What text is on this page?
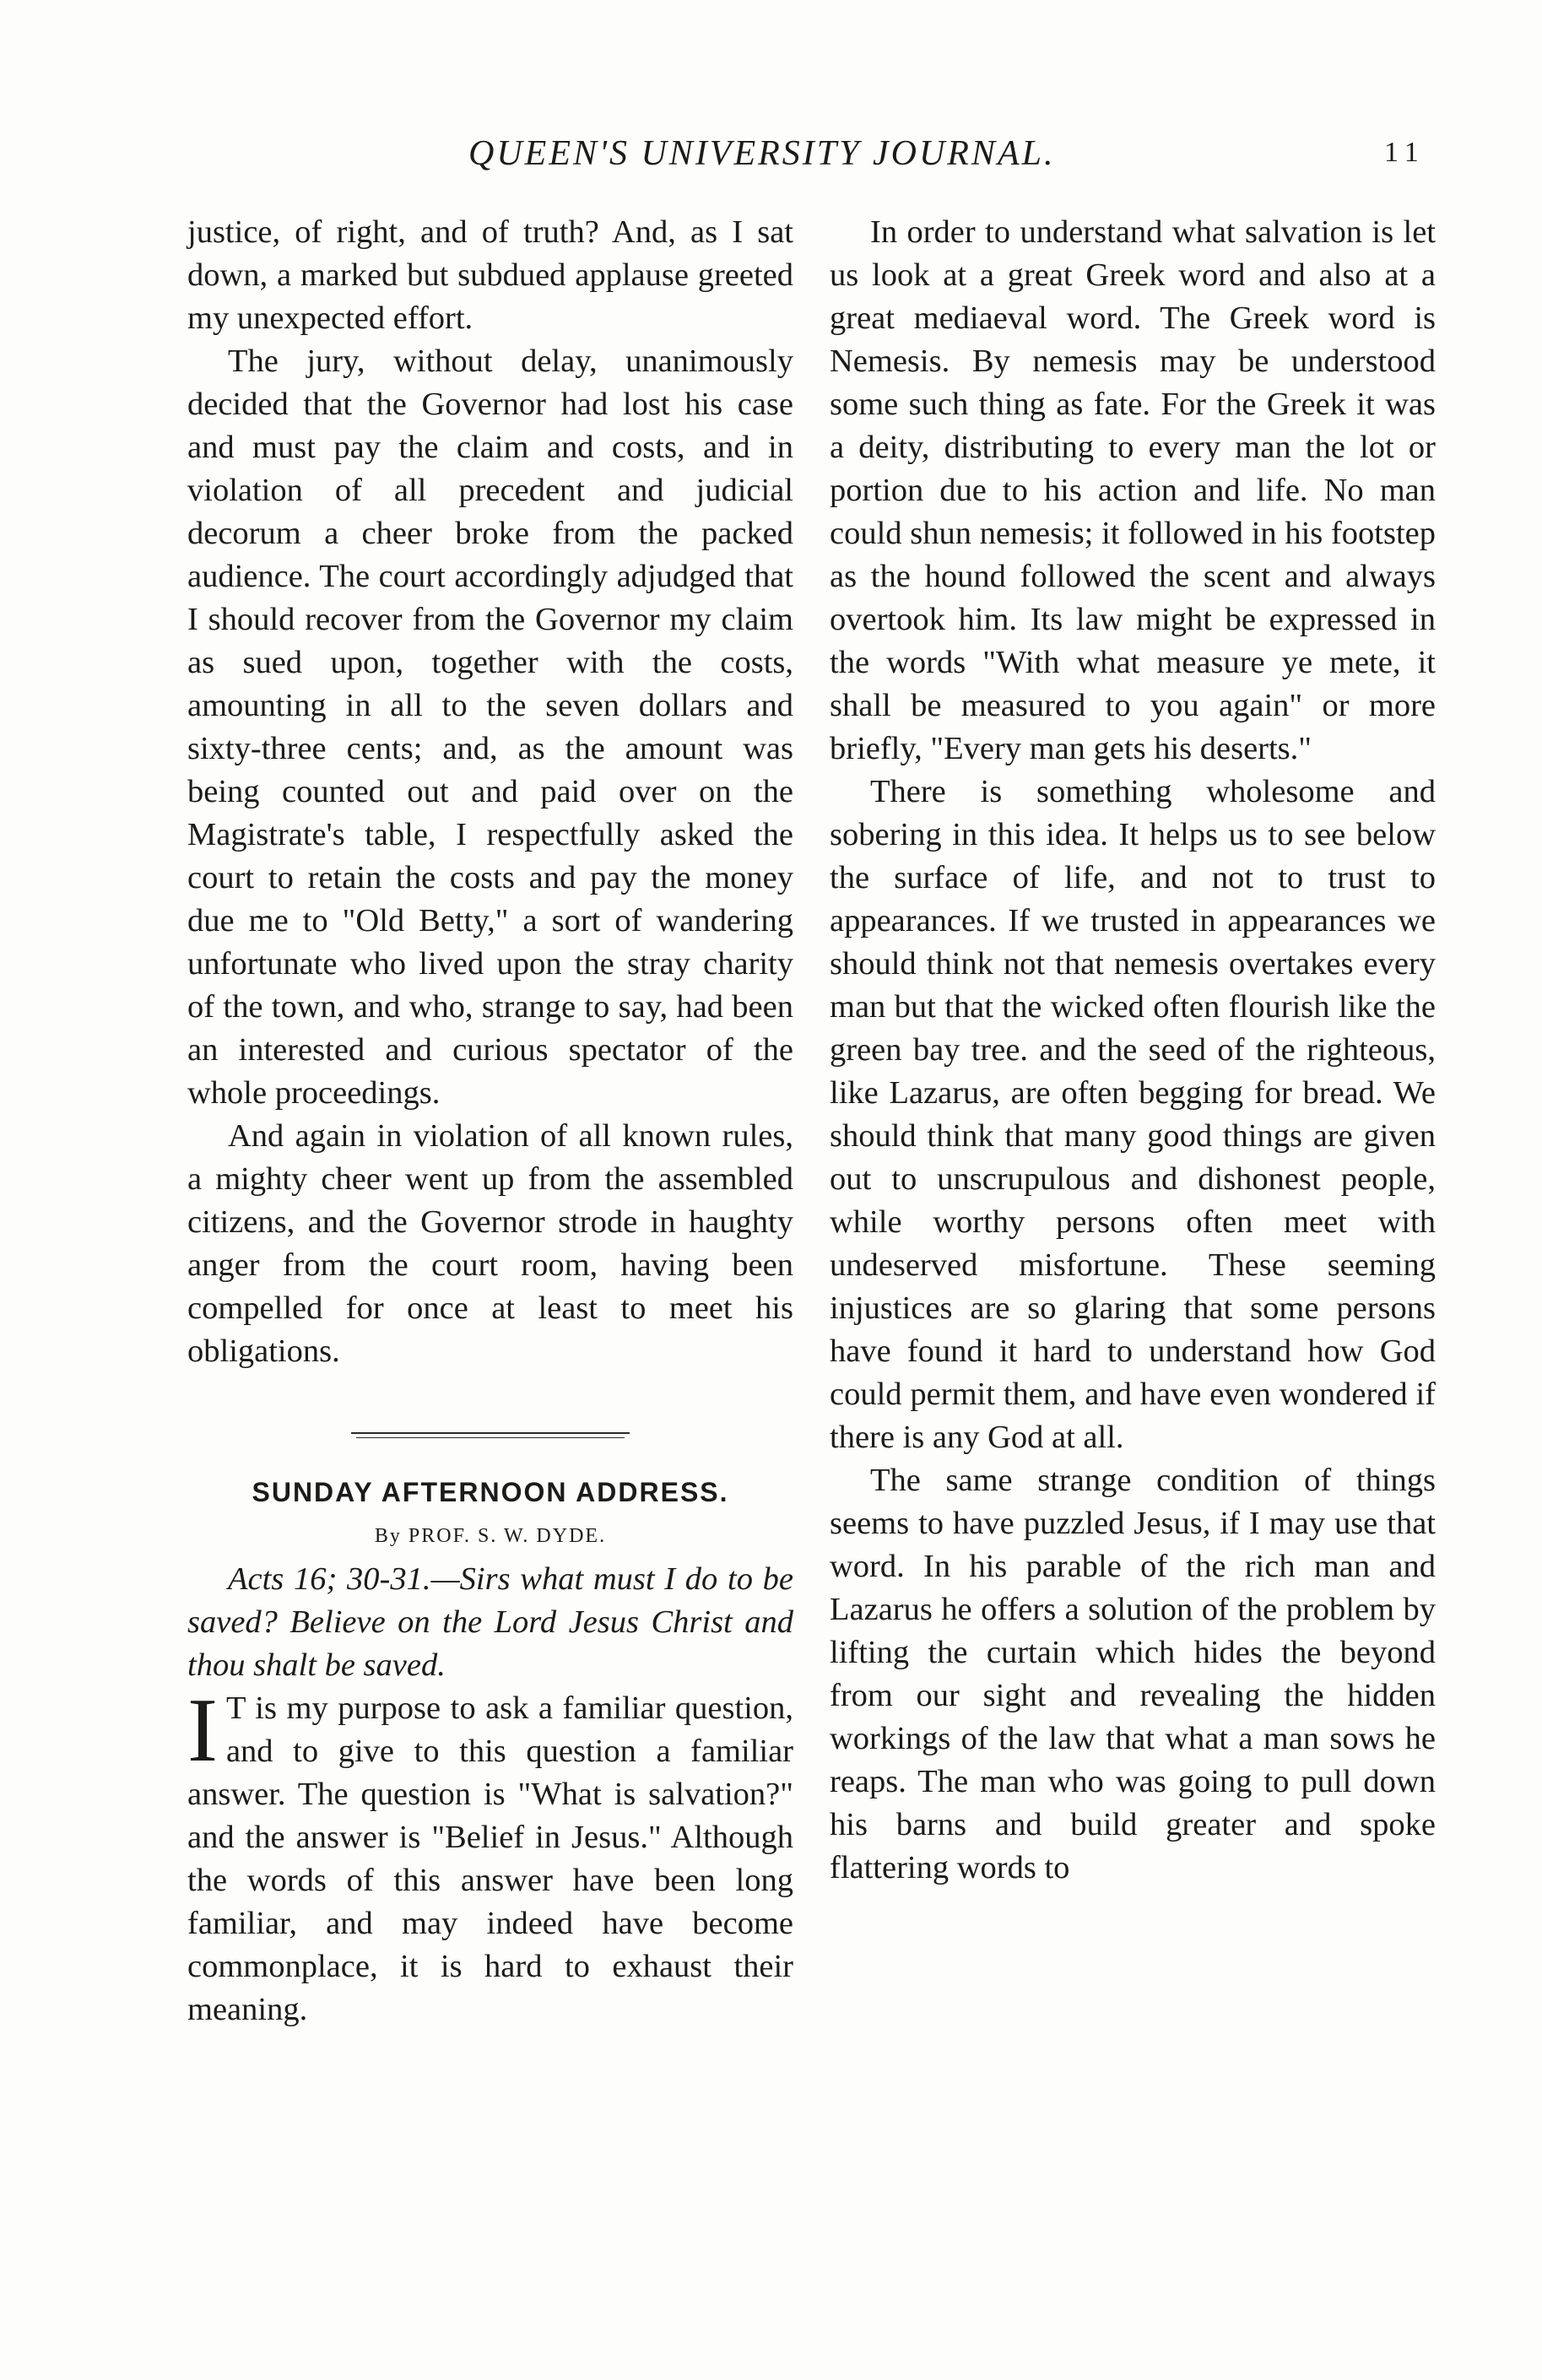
QUEEN'S UNIVERSITY JOURNAL.	11

justice, of right, and of truth? And, as I sat down, a marked but subdued applause greeted my unexpected effort.

The jury, without delay, unanimously decided that the Governor had lost his case and must pay the claim and costs, and in violation of all precedent and judicial decorum a cheer broke from the packed audience. The court accordingly adjudged that I should recover from the Governor my claim as sued upon, together with the costs, amounting in all to the seven dollars and sixty-three cents; and, as the amount was being counted out and paid over on the Magistrate's table, I respectfully asked the court to retain the costs and pay the money due me to "Old Betty," a sort of wandering unfortunate who lived upon the stray charity of the town, and who, strange to say, had been an interested and curious spectator of the whole proceedings.

And again in violation of all known rules, a mighty cheer went up from the assembled citizens, and the Governor strode in haughty anger from the court room, having been compelled for once at least to meet his obligations.

SUNDAY AFTERNOON ADDRESS.
By PROF. S. W. DYDE.

Acts 16; 30-31.—Sirs what must I do to be saved? Believe on the Lord Jesus Christ and thou shalt be saved.

I T is my purpose to ask a familiar question, and to give to this question a familiar answer. The question is "What is salvation?" and the answer is "Belief in Jesus." Although the words of this answer have been long familiar, and may indeed have become commonplace, it is hard to exhaust their meaning.

In order to understand what salvation is let us look at a great Greek word and also at a great mediaeval word. The Greek word is Nemesis. By nemesis may be understood some such thing as fate. For the Greek it was a deity, distributing to every man the lot or portion due to his action and life. No man could shun nemesis; it followed in his footstep as the hound followed the scent and always overtook him. Its law might be expressed in the words "With what measure ye mete, it shall be measured to you again" or more briefly, "Every man gets his deserts."

There is something wholesome and sobering in this idea. It helps us to see below the surface of life, and not to trust to appearances. If we trusted in appearances we should think not that nemesis overtakes every man but that the wicked often flourish like the green bay tree. and the seed of the righteous, like Lazarus, are often begging for bread. We should think that many good things are given out to unscrupulous and dishonest people, while worthy persons often meet with undeserved misfortune. These seeming injustices are so glaring that some persons have found it hard to understand how God could permit them, and have even wondered if there is any God at all.

The same strange condition of things seems to have puzzled Jesus, if I may use that word. In his parable of the rich man and Lazarus he offers a solution of the problem by lifting the curtain which hides the beyond from our sight and revealing the hidden workings of the law that what a man sows he reaps. The man who was going to pull down his barns and build greater and spoke flattering words to
